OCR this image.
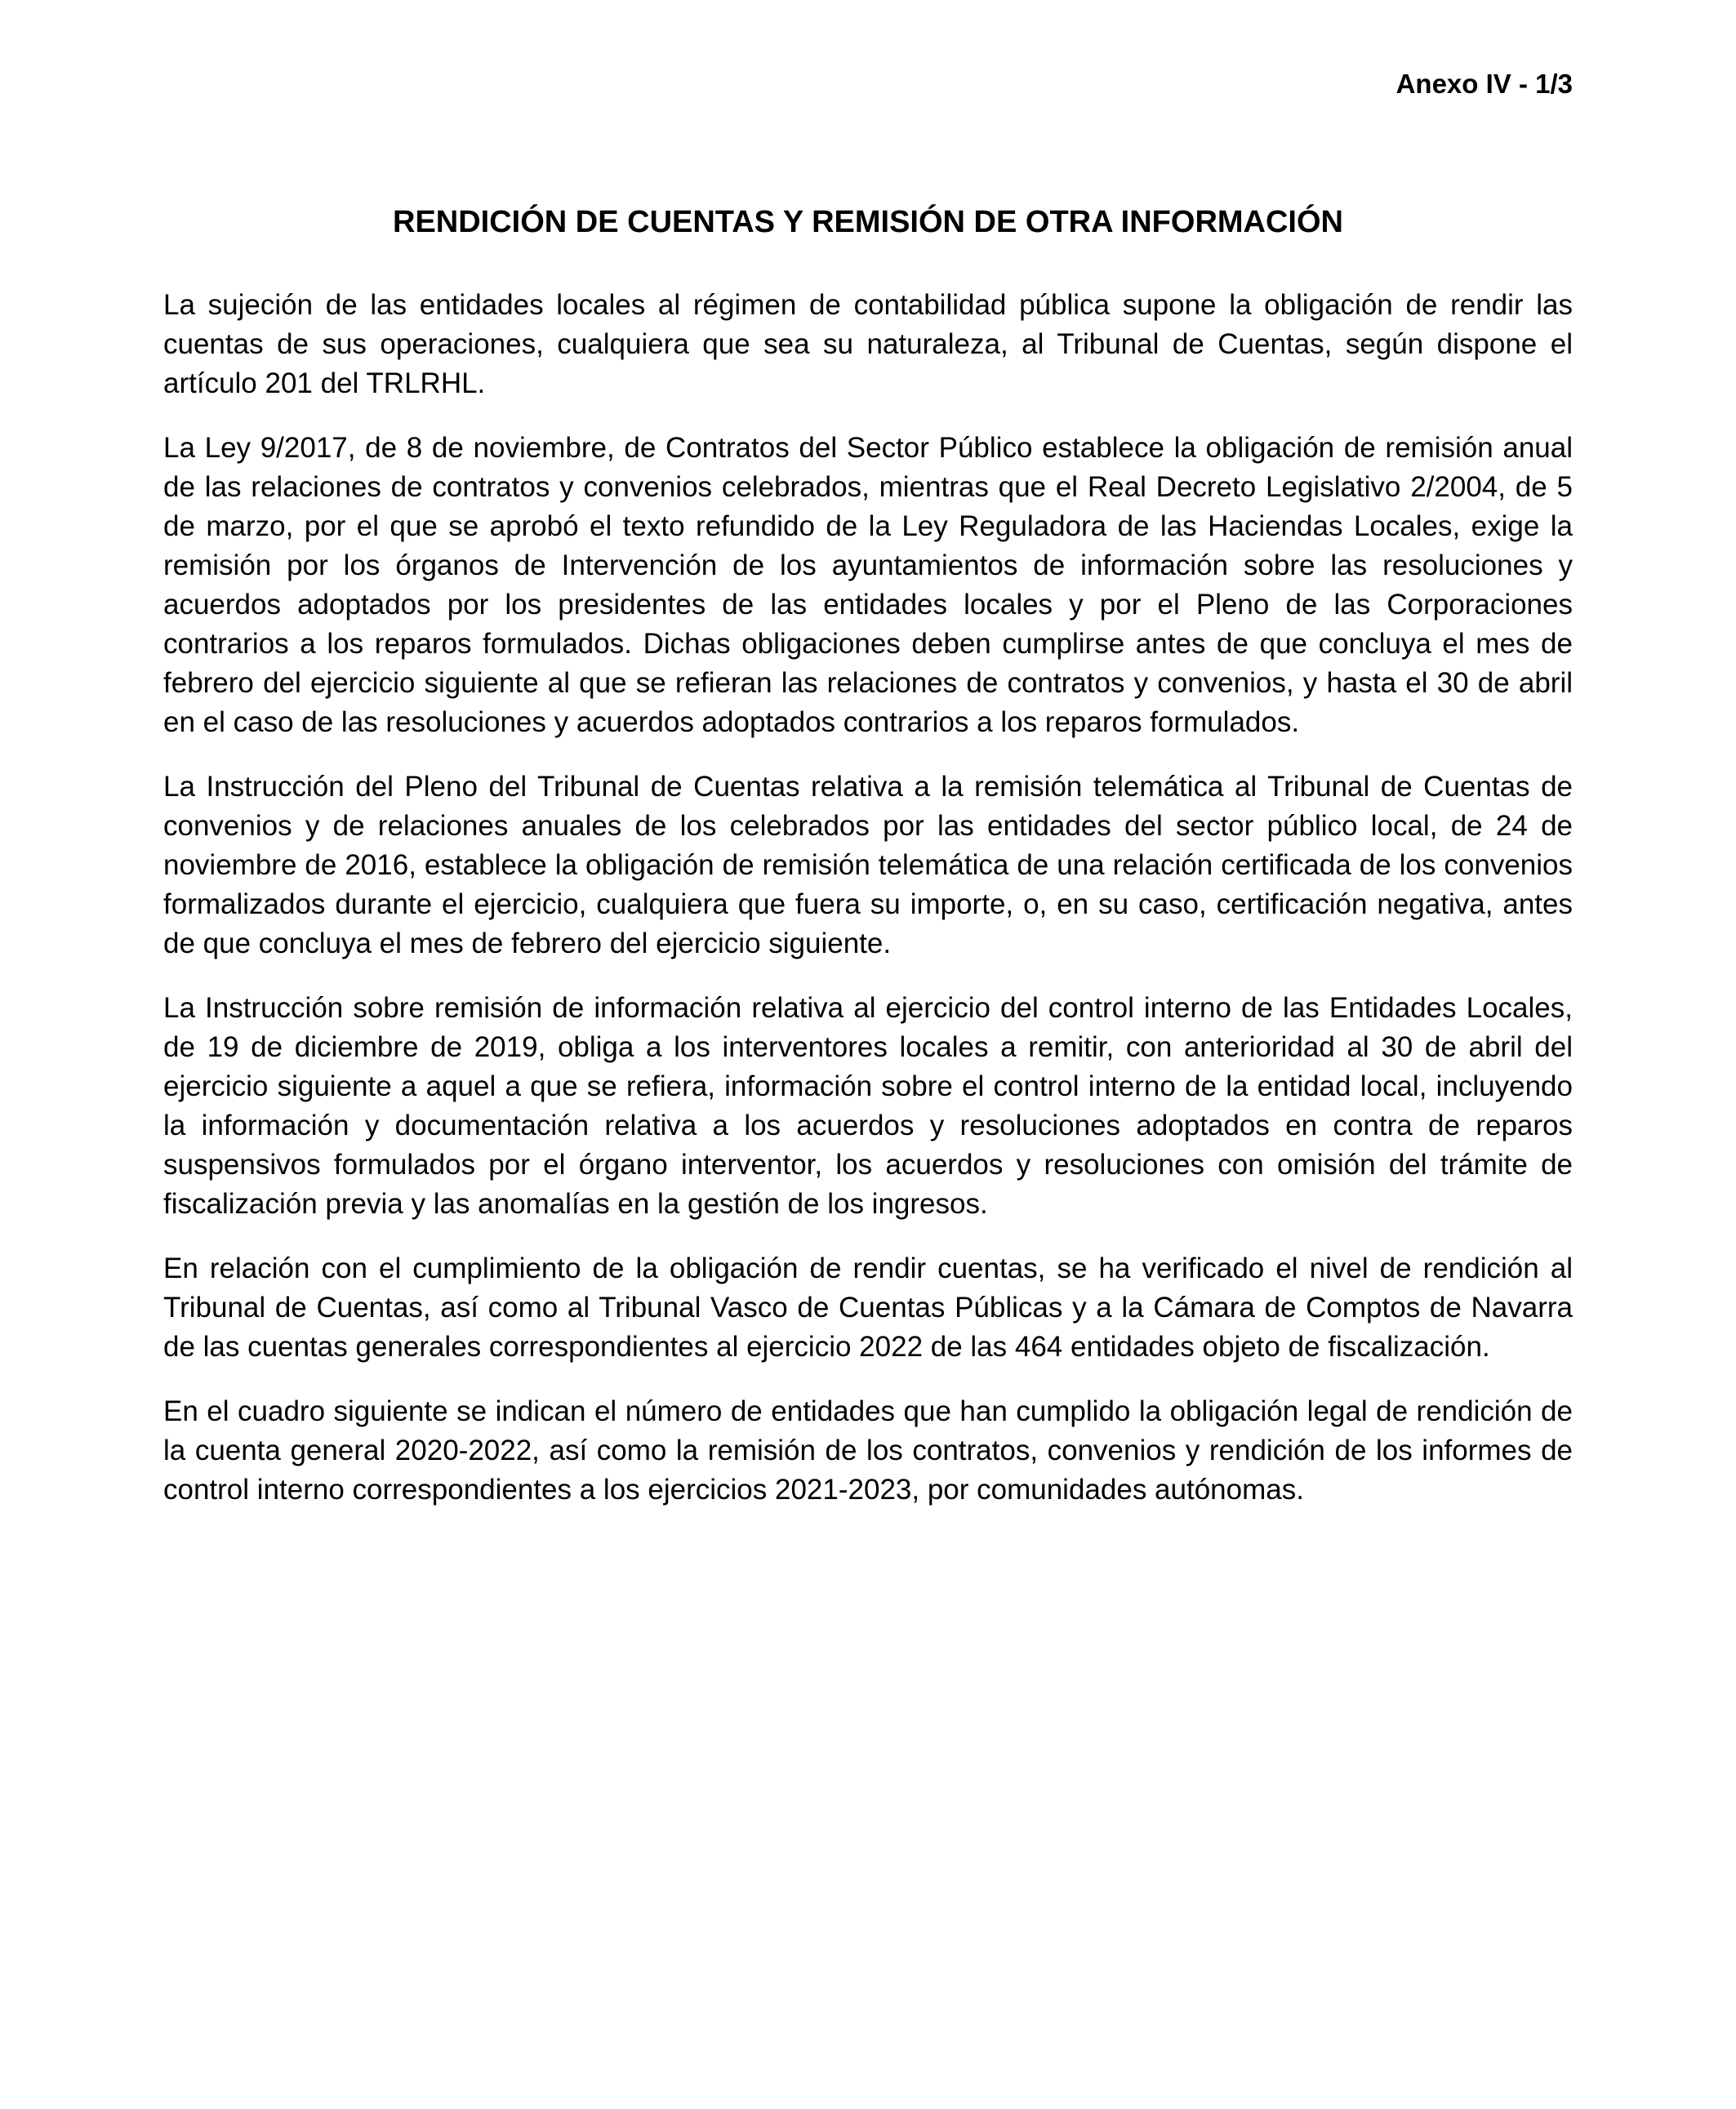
Anexo IV - 1/3
RENDICIÓN DE CUENTAS Y REMISIÓN DE OTRA INFORMACIÓN

La sujeción de las entidades locales al régimen de contabilidad pública supone la obligación de rendir las cuentas de sus operaciones, cualquiera que sea su naturaleza, al Tribunal de Cuentas, según dispone el artículo 201 del TRLRHL.

La Ley 9/2017, de 8 de noviembre, de Contratos del Sector Público establece la obligación de remisión anual de las relaciones de contratos y convenios celebrados, mientras que el Real Decreto Legislativo 2/2004, de 5 de marzo, por el que se aprobó el texto refundido de la Ley Reguladora de las Haciendas Locales, exige la remisión por los órganos de Intervención de los ayuntamientos de información sobre las resoluciones y acuerdos adoptados por los presidentes de las entidades locales y por el Pleno de las Corporaciones contrarios a los reparos formulados. Dichas obligaciones deben cumplirse antes de que concluya el mes de febrero del ejercicio siguiente al que se refieran las relaciones de contratos y convenios, y hasta el 30 de abril en el caso de las resoluciones y acuerdos adoptados contrarios a los reparos formulados.

La Instrucción del Pleno del Tribunal de Cuentas relativa a la remisión telemática al Tribunal de Cuentas de convenios y de relaciones anuales de los celebrados por las entidades del sector público local, de 24 de noviembre de 2016, establece la obligación de remisión telemática de una relación certificada de los convenios formalizados durante el ejercicio, cualquiera que fuera su importe, o, en su caso, certificación negativa, antes de que concluya el mes de febrero del ejercicio siguiente.

La Instrucción sobre remisión de información relativa al ejercicio del control interno de las Entidades Locales, de 19 de diciembre de 2019, obliga a los interventores locales a remitir, con anterioridad al 30 de abril del ejercicio siguiente a aquel a que se refiera, información sobre el control interno de la entidad local, incluyendo la información y documentación relativa a los acuerdos y resoluciones adoptados en contra de reparos suspensivos formulados por el órgano interventor, los acuerdos y resoluciones con omisión del trámite de fiscalización previa y las anomalías en la gestión de los ingresos.

En relación con el cumplimiento de la obligación de rendir cuentas, se ha verificado el nivel de rendición al Tribunal de Cuentas, así como al Tribunal Vasco de Cuentas Públicas y a la Cámara de Comptos de Navarra de las cuentas generales correspondientes al ejercicio 2022 de las 464 entidades objeto de fiscalización.

En el cuadro siguiente se indican el número de entidades que han cumplido la obligación legal de rendición de la cuenta general 2020-2022, así como la remisión de los contratos, convenios y rendición de los informes de control interno correspondientes a los ejercicios 2021-2023, por comunidades autónomas.
